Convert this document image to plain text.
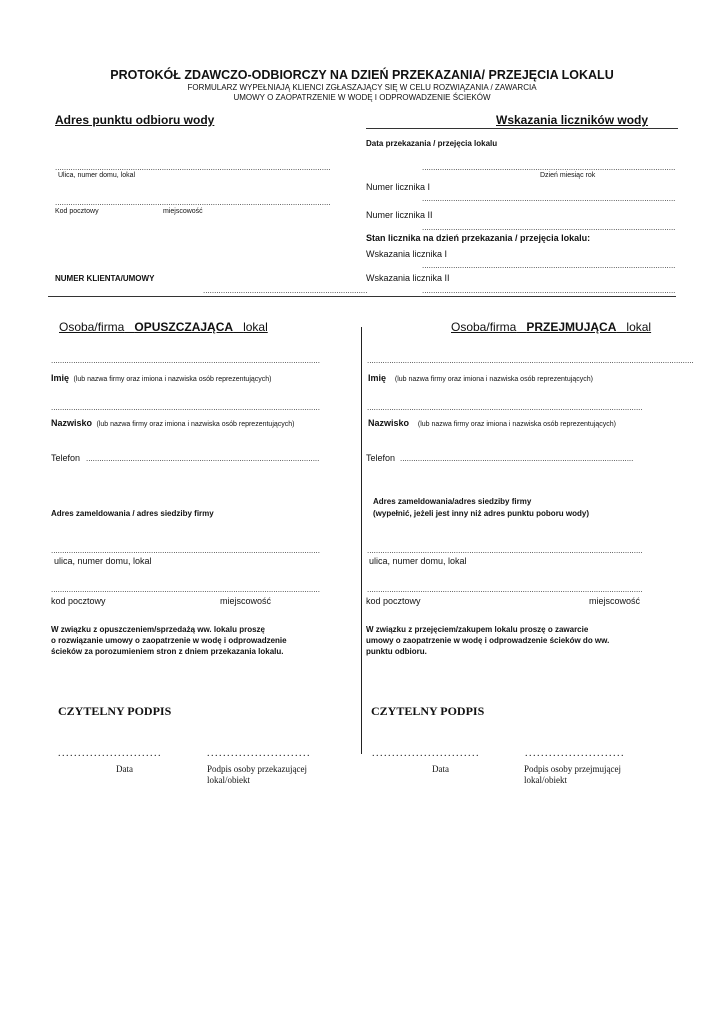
PROTOKÓŁ ZDAWCZO-ODBIORCZY NA DZIEŃ PRZEKAZANIA/ PRZEJĘCIA LOKALU
FORMULARZ WYPEŁNIAJĄ KLIENCI ZGŁASZAJĄCY SIĘ W CELU ROZWIĄZANIA / ZAWARCIA
UMOWY O ZAOPATRZENIE W WODĘ I ODPROWADZENIE ŚCIEKÓW
Adres punktu odbioru wody
............................................................................................................................
Ulica, numer domu, lokal
............................................................................................................................
Kod pocztowy	miejscowość
NUMER KLIENTA/UMOWY
..........................................................................
Wskazania liczników wody
Data przekazania / przejęcia lokalu
..................................................................................................................
Dzień miesiąc rok
Numer licznika I
..................................................................................................................
Numer licznika II
..................................................................................................................
Stan licznika na dzień przekazania / przejęcia lokalu:
Wskazania licznika I
..................................................................................................................
Wskazania licznika II
..................................................................................................................
Osoba/firma OPUSZCZAJĄCA lokal
.........................................................................................................................
Imię (lub nazwa firmy oraz imiona i nazwiska osób reprezentujących)
.........................................................................................................................
Nazwisko (lub nazwa firmy oraz imiona i nazwiska osób reprezentujących)
Telefon .........................................................................................................
Adres zameldowania / adres siedziby firmy
.........................................................................................................................
ulica, numer domu, lokal
.........................................................................................................................
kod pocztowy	miejscowość
W związku z opuszczeniem/sprzedażą ww. lokalu proszę
o rozwiązanie umowy o zaopatrzenie w wodę i odprowadzenie
ścieków za porozumieniem stron z dniem przekazania lokalu.
CZYTELNY PODPIS
..........................	..........................
Data	Podpis osoby przekazującej
lokal/obiekt
Osoba/firma PRZEJMUJĄCA lokal
...................................................................................................................................................
Imię (lub nazwa firmy oraz imiona i nazwiska osób reprezentujących)
............................................................................................................................
Nazwisko (lub nazwa firmy oraz imiona i nazwiska osób reprezentujących)
Telefon .........................................................................................................
Adres zameldowania/adres siedziby firmy
(wypełnić, jeżeli jest inny niż adres punktu poboru wody)
............................................................................................................................
ulica, numer domu, lokal
............................................................................................................................
kod pocztowy	miejscowość
W związku z przejęciem/zakupem lokalu proszę o zawarcie
umowy o zaopatrzenie w wodę i odprowadzenie ścieków do ww.
punktu odbioru.
CZYTELNY PODPIS
...........................	.........................
Data	Podpis osoby przejmującej
lokal/obiekt
